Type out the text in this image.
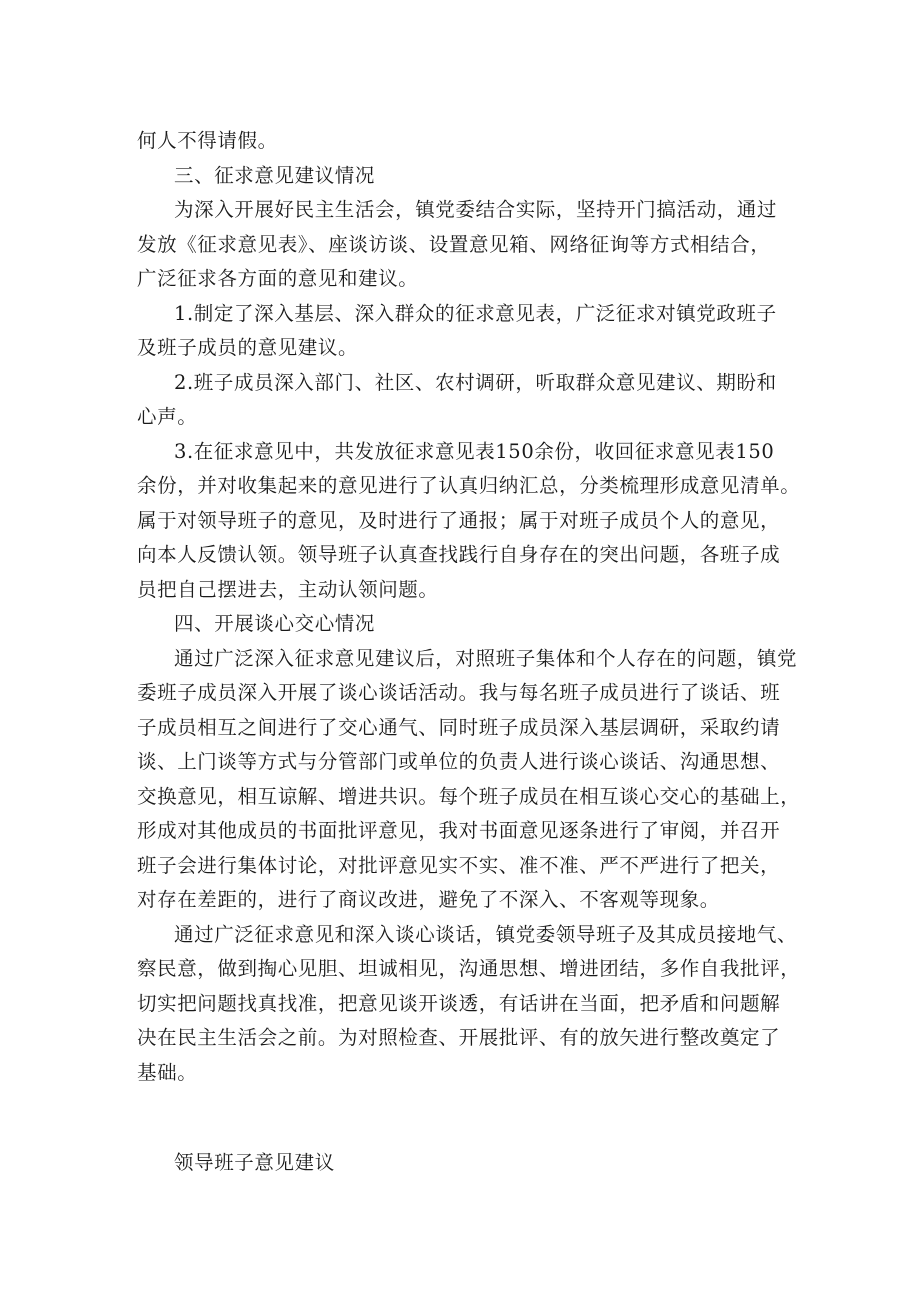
何人不得请假。
三、征求意见建议情况
为深入开展好民主生活会，镇党委结合实际，坚持开门搞活动，通过
发放《征求意见表》、座谈访谈、设置意见箱、网络征询等方式相结合，
广泛征求各方面的意见和建议。
1.制定了深入基层、深入群众的征求意见表，广泛征求对镇党政班子
及班子成员的意见建议。
2.班子成员深入部门、社区、农村调研，听取群众意见建议、期盼和
心声。
3.在征求意见中，共发放征求意见表150余份，收回征求意见表150
余份，并对收集起来的意见进行了认真归纳汇总，分类梳理形成意见清单。
属于对领导班子的意见，及时进行了通报；属于对班子成员个人的意见，
向本人反馈认领。领导班子认真查找践行自身存在的突出问题，各班子成
员把自己摆进去，主动认领问题。
四、开展谈心交心情况
通过广泛深入征求意见建议后，对照班子集体和个人存在的问题，镇党
委班子成员深入开展了谈心谈话活动。我与每名班子成员进行了谈话、班
子成员相互之间进行了交心通气、同时班子成员深入基层调研，采取约请
谈、上门谈等方式与分管部门或单位的负责人进行谈心谈话、沟通思想、
交换意见，相互谅解、增进共识。每个班子成员在相互谈心交心的基础上，
形成对其他成员的书面批评意见，我对书面意见逐条进行了审阅，并召开
班子会进行集体讨论，对批评意见实不实、准不准、严不严进行了把关，
对存在差距的，进行了商议改进，避免了不深入、不客观等现象。
通过广泛征求意见和深入谈心谈话，镇党委领导班子及其成员接地气、
察民意，做到掏心见胆、坦诚相见，沟通思想、增进团结，多作自我批评，
切实把问题找真找准，把意见谈开谈透，有话讲在当面，把矛盾和问题解
决在民主生活会之前。为对照检查、开展批评、有的放矢进行整改奠定了
基础。
领导班子意见建议
